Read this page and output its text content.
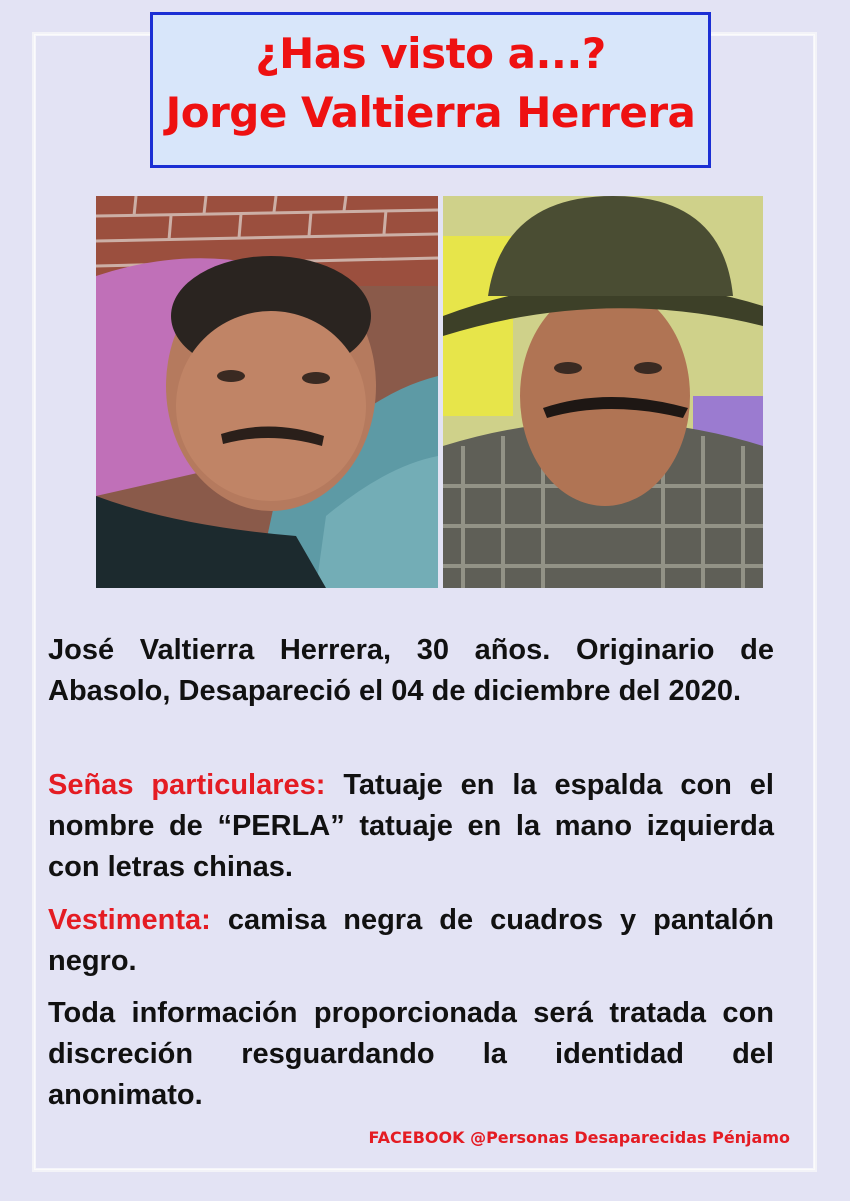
¿Has visto a...?
Jorge Valtierra Herrera
José Valtierra Herrera, 30 años. Originario de Abasolo, Desapareció el 04 de diciembre del 2020.
Señas particulares: Tatuaje en la espalda con el nombre de “PERLA” tatuaje en la mano izquierda con letras chinas.
Vestimenta: camisa negra de cuadros y pantalón negro.
Toda información proporcionada será tratada con discreción resguardando la identidad del anonimato.
FACEBOOK @Personas Desaparecidas Pénjamo
